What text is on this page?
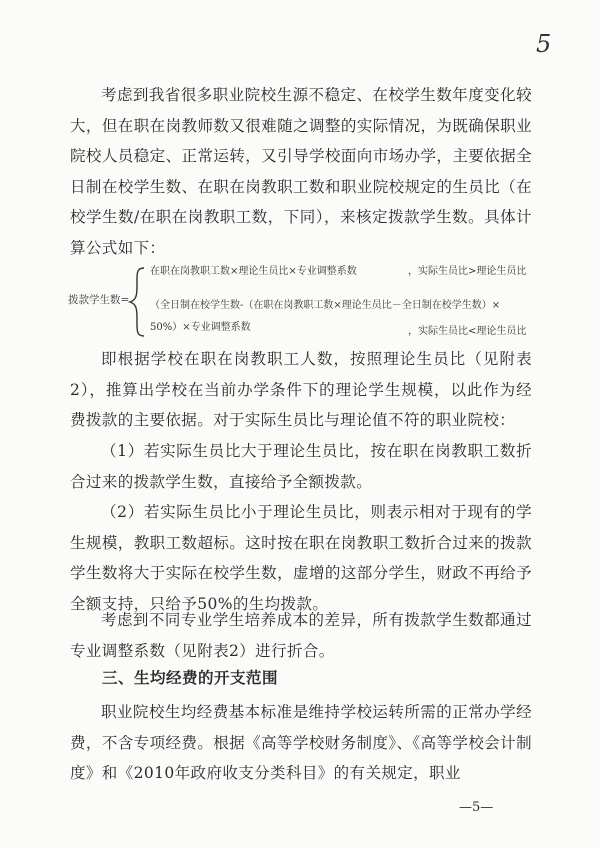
5

考虑到我省很多职业院校生源不稳定、在校学生数年度变化较大，但在职在岗教师数又很难随之调整的实际情况，为既确保职业院校人员稳定、正常运转，又引导学校面向市场办学，主要依据全日制在校学生数、在职在岗教职工数和职业院校规定的生员比（在校学生数/在职在岗教职工数，下同），来核定拨款学生数。具体计算公式如下：

拨款学生数=
在职在岗教职工数×理论生员比×专业调整系数	，实际生员比>理论生员比
（全日制在校学生数-（在职在岗教职工数×理论生员比－全日制在校学生数）×
50%）×专业调整系数	，实际生员比<理论生员比

即根据学校在职在岗教职工人数，按照理论生员比（见附表2），推算出学校在当前办学条件下的理论学生规模，以此作为经费拨款的主要依据。对于实际生员比与理论值不符的职业院校：

（1）若实际生员比大于理论生员比，按在职在岗教职工数折合过来的拨款学生数，直接给予全额拨款。

（2）若实际生员比小于理论生员比，则表示相对于现有的学生规模，教职工数超标。这时按在职在岗教职工数折合过来的拨款学生数将大于实际在校学生数，虚增的这部分学生，财政不再给予全额支持，只给予50%的生均拨款。

考虑到不同专业学生培养成本的差异，所有拨款学生数都通过专业调整系数（见附表2）进行折合。

三、生均经费的开支范围

职业院校生均经费基本标准是维持学校运转所需的正常办学经费，不含专项经费。根据《高等学校财务制度》、《高等学校会计制度》和《2010年政府收支分类科目》的有关规定，职业

—5—
